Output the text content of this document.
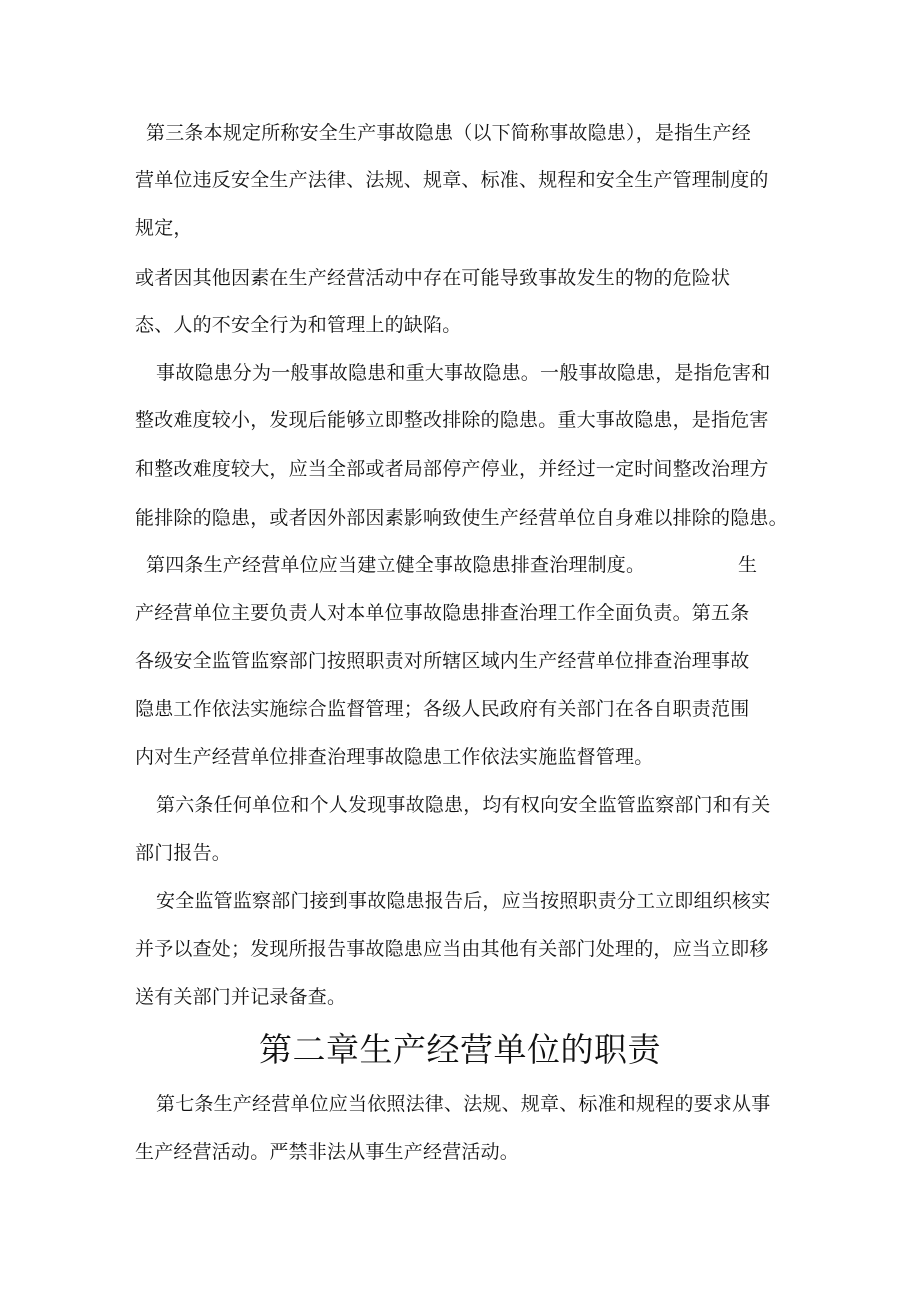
第三条本规定所称安全生产事故隐患（以下简称事故隐患），是指生产经

营单位违反安全生产法律、法规、规章、标准、规程和安全生产管理制度的

规定，

或者因其他因素在生产经营活动中存在可能导致事故发生的物的危险状

态、人的不安全行为和管理上的缺陷。

事故隐患分为一般事故隐患和重大事故隐患。一般事故隐患，是指危害和

整改难度较小，发现后能够立即整改排除的隐患。重大事故隐患，是指危害

和整改难度较大，应当全部或者局部停产停业，并经过一定时间整改治理方

能排除的隐患，或者因外部因素影响致使生产经营单位自身难以排除的隐患。

第四条生产经营单位应当建立健全事故隐患排查治理制度。	生

产经营单位主要负责人对本单位事故隐患排查治理工作全面负责。第五条

各级安全监管监察部门按照职责对所辖区域内生产经营单位排查治理事故

隐患工作依法实施综合监督管理；各级人民政府有关部门在各自职责范围

内对生产经营单位排查治理事故隐患工作依法实施监督管理。

第六条任何单位和个人发现事故隐患，均有权向安全监管监察部门和有关

部门报告。

安全监管监察部门接到事故隐患报告后，应当按照职责分工立即组织核实

并予以查处；发现所报告事故隐患应当由其他有关部门处理的，应当立即移

送有关部门并记录备查。

第二章生产经营单位的职责

第七条生产经营单位应当依照法律、法规、规章、标准和规程的要求从事

生产经营活动。严禁非法从事生产经营活动。
